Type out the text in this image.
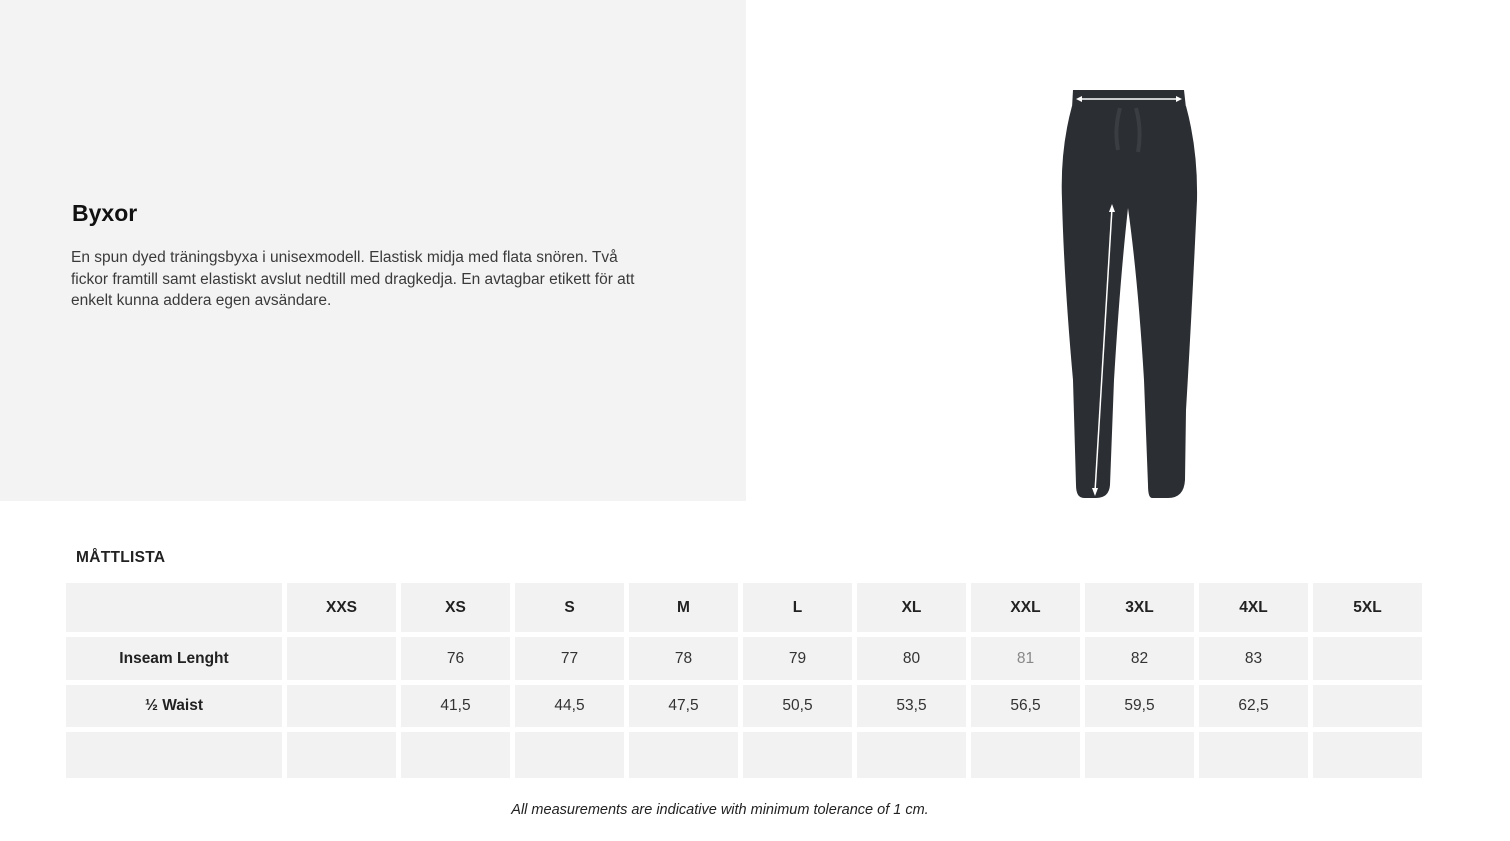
Byxor

En spun dyed träningsbyxa i unisexmodell. Elastisk midja med flata snören. Två fickor framtill samt elastiskt avslut nedtill med dragkedja. En avtagbar etikett för att enkelt kunna addera egen avsändare.

MÅTTLISTA
	XXS	XS	S	M	L	XL	XXL	3XL	4XL	5XL
Inseam Lenght		76	77	78	79	80	81	82	83	
½ Waist		41,5	44,5	47,5	50,5	53,5	56,5	59,5	62,5	

All measurements are indicative with minimum tolerance of 1 cm.
